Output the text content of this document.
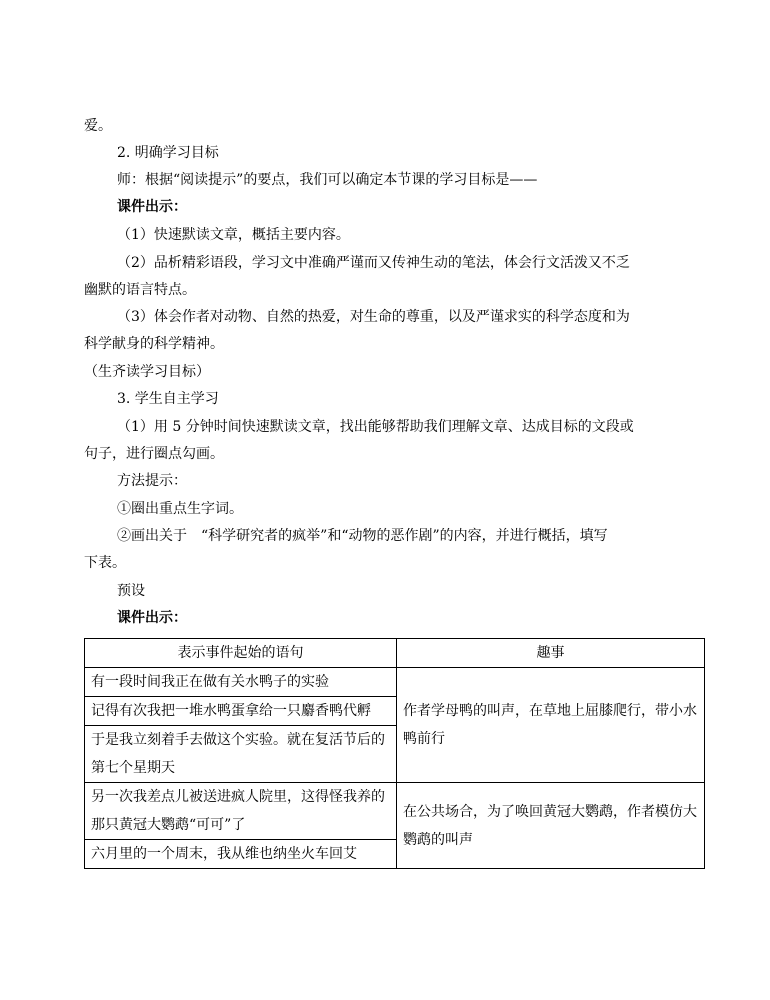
爱。
2. 明确学习目标
师：根据“阅读提示”的要点，我们可以确定本节课的学习目标是——
课件出示：
（1）快速默读文章，概括主要内容。
（2）品析精彩语段，学习文中准确严谨而又传神生动的笔法，体会行文活泼又不乏
幽默的语言特点。
（3）体会作者对动物、自然的热爱，对生命的尊重，以及严谨求实的科学态度和为
科学献身的科学精神。
（生齐读学习目标）
3. 学生自主学习
（1）用 5 分钟时间快速默读文章，找出能够帮助我们理解文章、达成目标的文段或
句子，进行圈点勾画。
方法提示：
①圈出重点生字词。
②画出关于　“科学研究者的疯举”和“动物的恶作剧”的内容，并进行概括，填写
下表。
预设
课件出示：
表示事件起始的语句	趣事
有一段时间我正在做有关水鸭子的实验	作者学母鸭的叫声，在草地上屈膝爬行，带小水鸭前行
记得有次我把一堆水鸭蛋拿给一只麝香鸭代孵	
于是我立刻着手去做这个实验。就在复活节后的第七个星期天	
另一次我差点儿被送进疯人院里，这得怪我养的那只黄冠大鹦鹉“可可”了	在公共场合，为了唤回黄冠大鹦鹉，作者模仿大鹦鹉的叫声
六月里的一个周末，我从维也纳坐火车回艾	
